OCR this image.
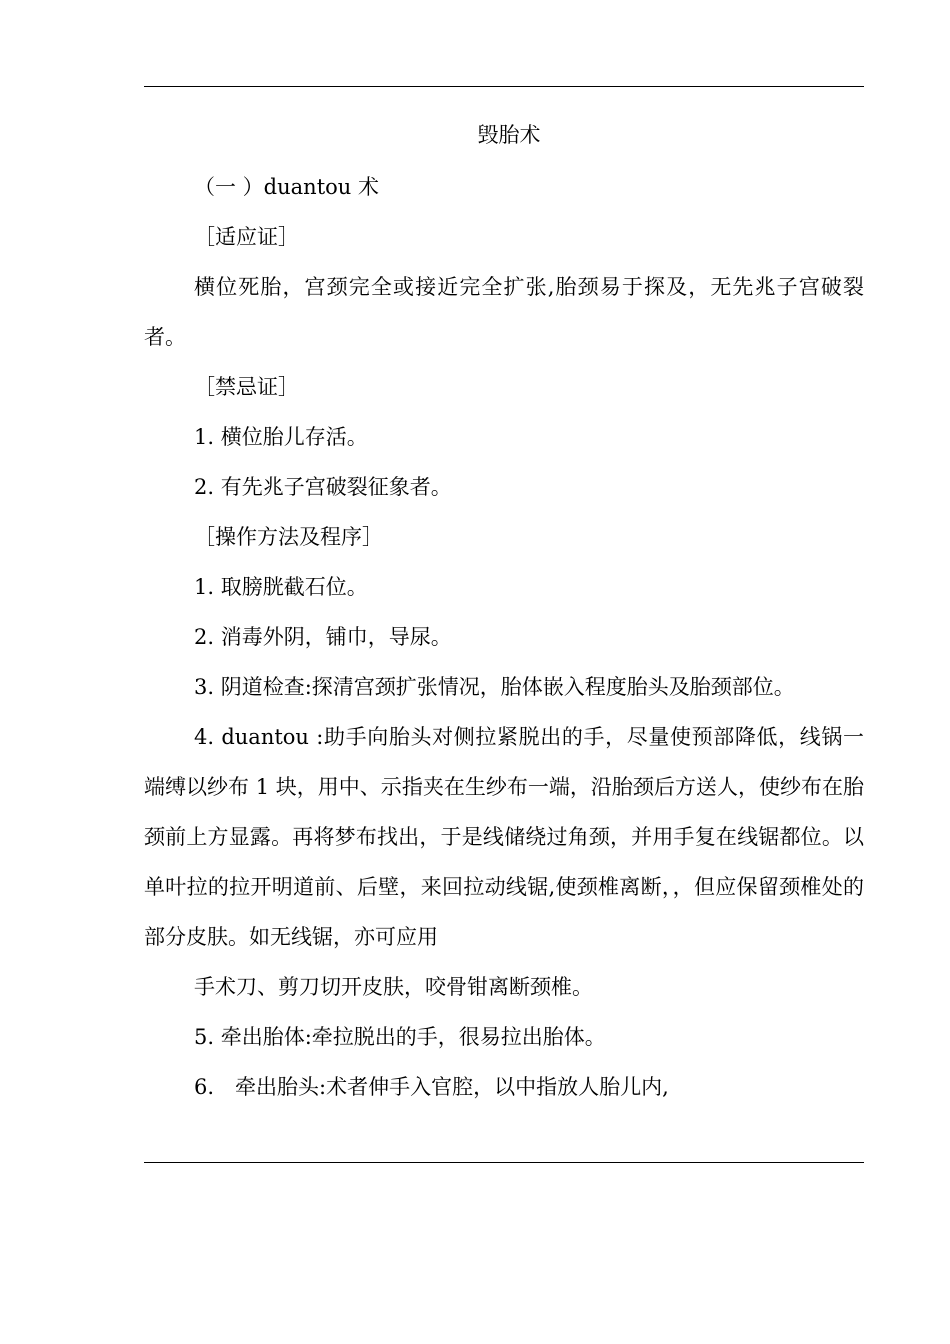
毁胎术

（一 ）duantou 术

［适应证］

横位死胎，宫颈完全或接近完全扩张,胎颈易于探及，无先兆子宫破裂者。

［禁忌证］

1. 横位胎儿存活。

2. 有先兆子宫破裂征象者。

［操作方法及程序］

1. 取膀胱截石位。

2. 消毒外阴，铺巾，导尿。

3. 阴道检查:探清宫颈扩张情况，胎体嵌入程度胎头及胎颈部位。

4. duantou :助手向胎头对侧拉紧脱出的手，尽量使预部降低，线锅一端缚以纱布 1 块，用中、示指夹在生纱布一端，沿胎颈后方送人，使纱布在胎颈前上方显露。再将梦布找出，于是线储绕过角颈，并用手复在线锯都位。以单叶拉的拉开明道前、后壁，来回拉动线锯,使颈椎离断，，但应保留颈椎处的部分皮肤。如无线锯，亦可应用

手术刀、剪刀切开皮肤，咬骨钳离断颈椎。

5. 牵出胎体:牵拉脱出的手，很易拉出胎体。

6.　牵出胎头:术者伸手入官腔，以中指放人胎儿内,
